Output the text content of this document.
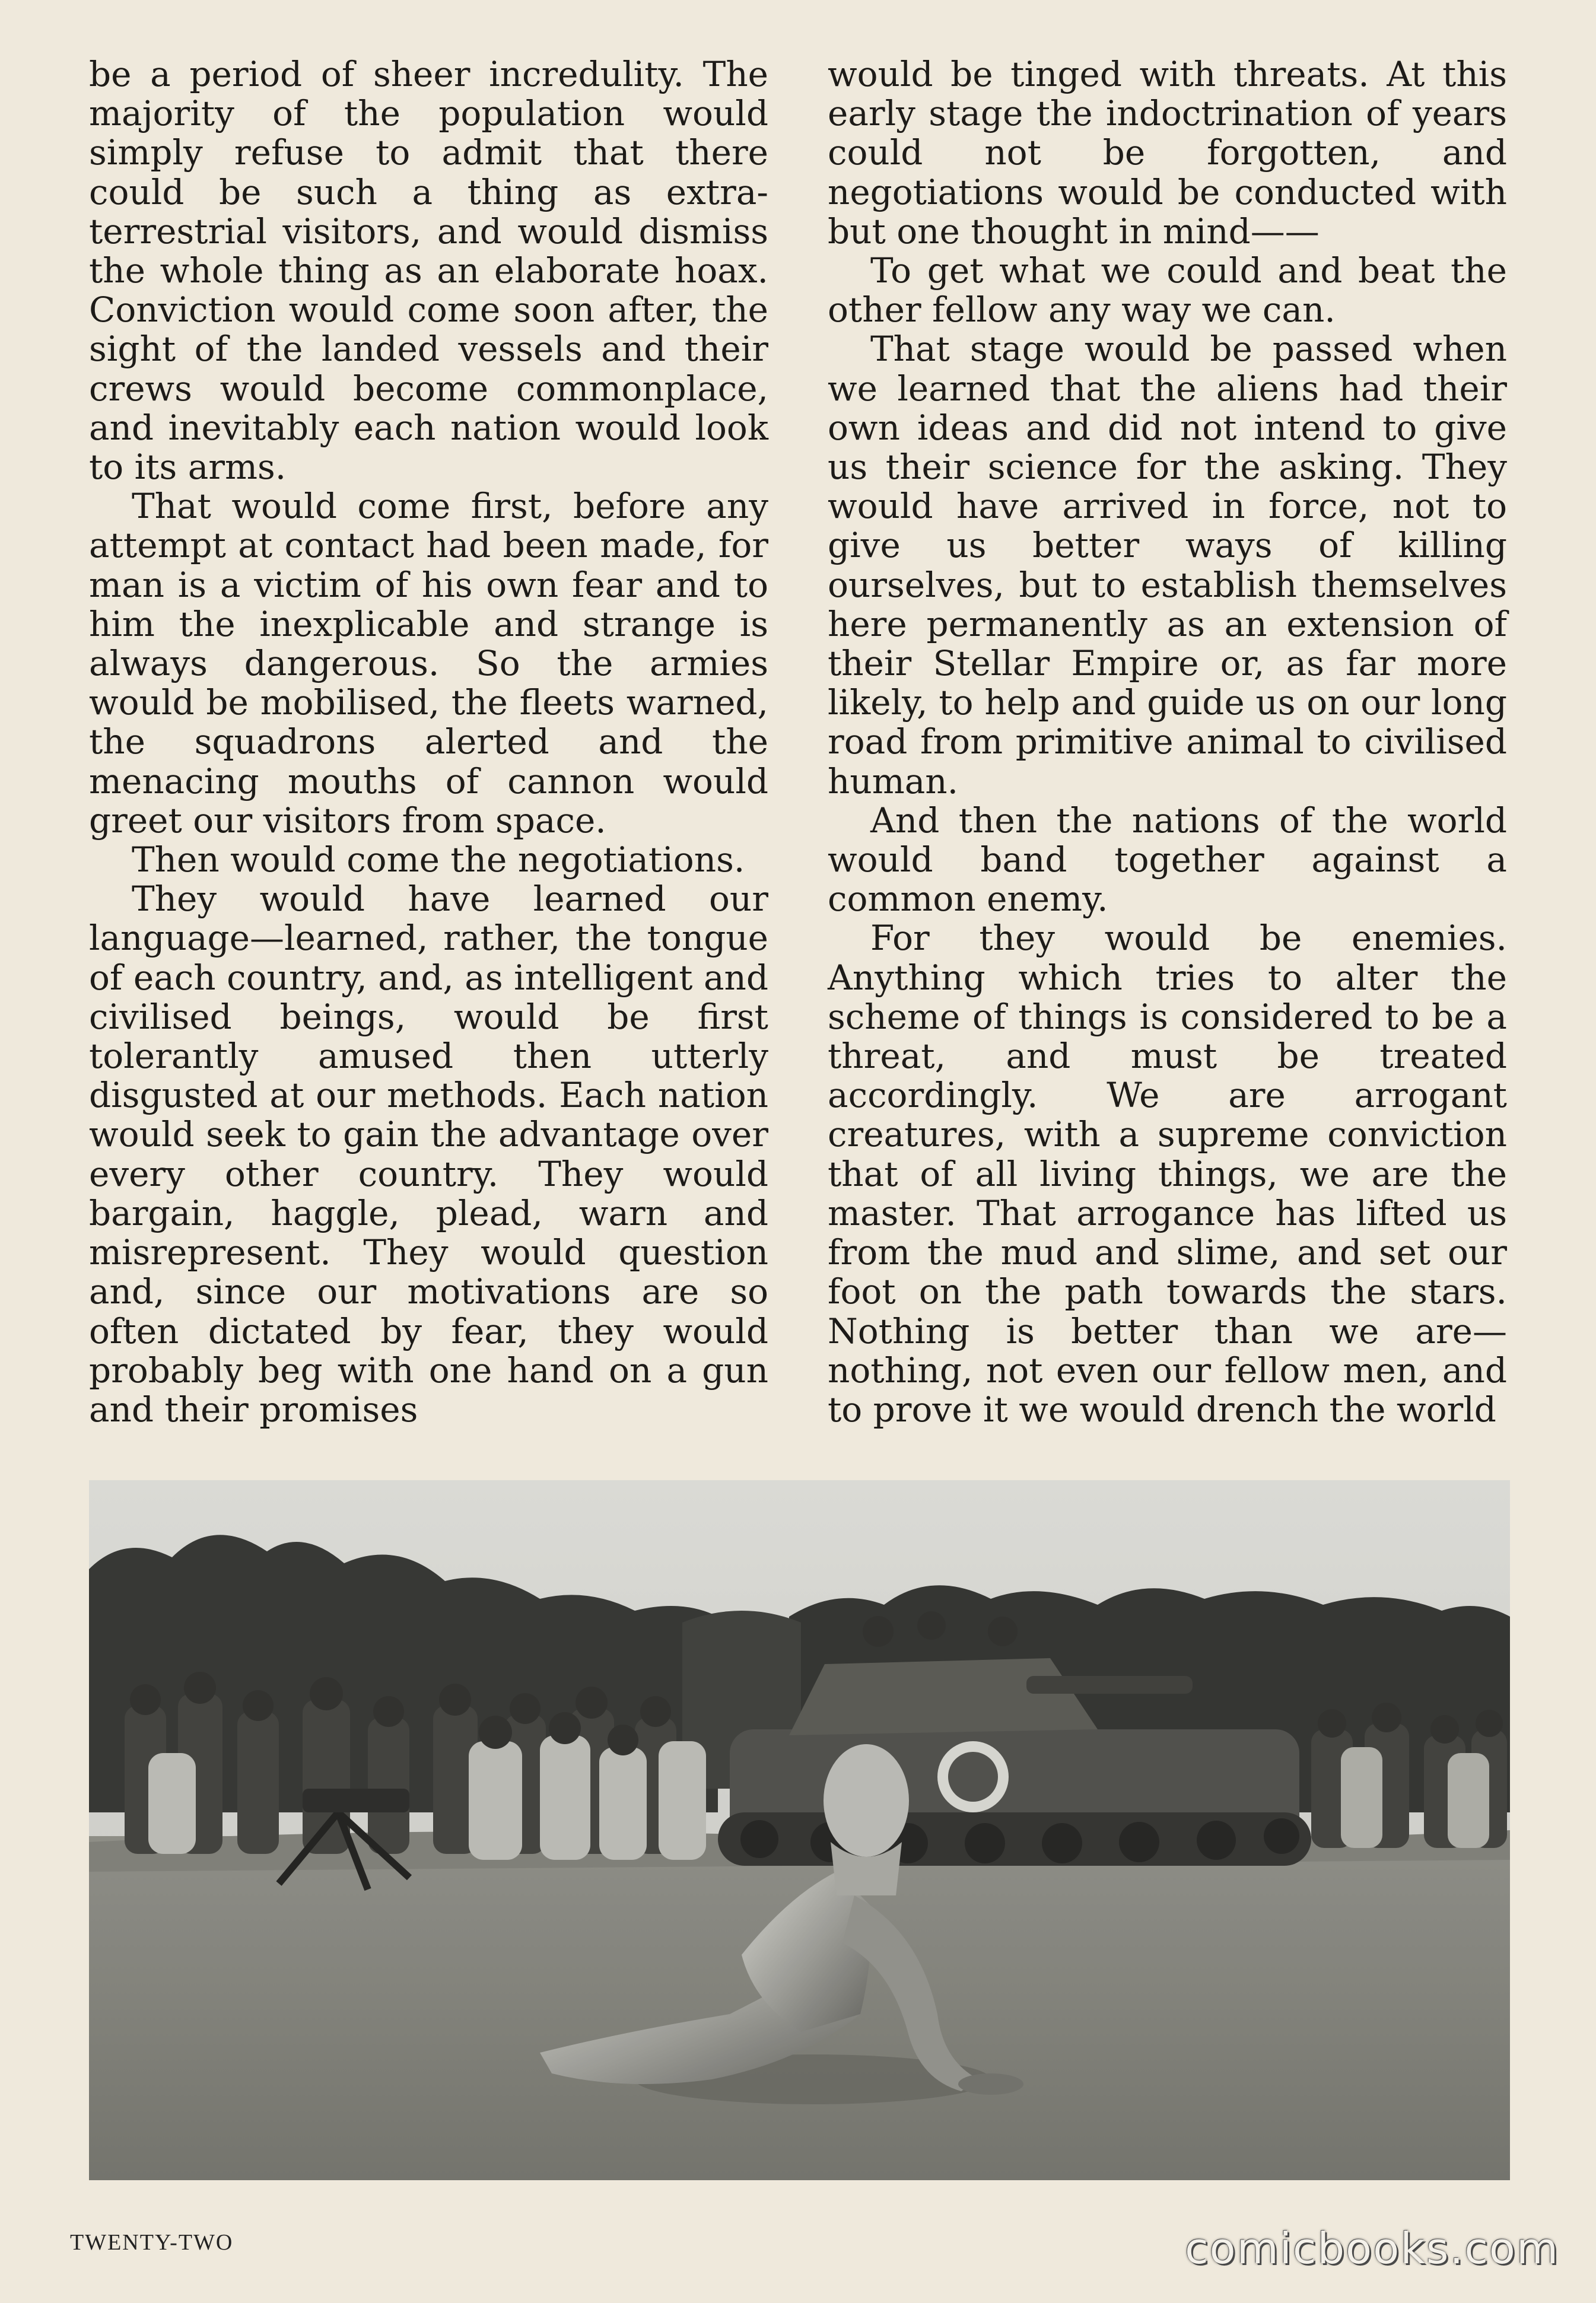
be a period of sheer incredulity. The majority of the population would simply refuse to admit that there could be such a thing as extra-terrestrial visitors, and would dismiss the whole thing as an elaborate hoax. Conviction would come soon after, the sight of the landed vessels and their crews would become commonplace, and inevitably each nation would look to its arms.

That would come first, before any attempt at contact had been made, for man is a victim of his own fear and to him the inexplicable and strange is always dangerous. So the armies would be mobilised, the fleets warned, the squadrons alerted and the menacing mouths of cannon would greet our visitors from space.

Then would come the negotiations.

They would have learned our language—learned, rather, the tongue of each country, and, as intelligent and civilised beings, would be first tolerantly amused then utterly disgusted at our methods. Each nation would seek to gain the advantage over every other country. They would bargain, haggle, plead, warn and misrepresent. They would question and, since our motivations are so often dictated by fear, they would probably beg with one hand on a gun and their promises

would be tinged with threats. At this early stage the indoctrination of years could not be forgotten, and negotiations would be conducted with but one thought in mind——

To get what we could and beat the other fellow any way we can.

That stage would be passed when we learned that the aliens had their own ideas and did not intend to give us their science for the asking. They would have arrived in force, not to give us better ways of killing ourselves, but to establish themselves here permanently as an extension of their Stellar Empire or, as far more likely, to help and guide us on our long road from primitive animal to civilised human.

And then the nations of the world would band together against a common enemy.

For they would be enemies. Anything which tries to alter the scheme of things is considered to be a threat, and must be treated accordingly. We are arrogant creatures, with a supreme conviction that of all living things, we are the master. That arrogance has lifted us from the mud and slime, and set our foot on the path towards the stars. Nothing is better than we are—nothing, not even our fellow men, and to prove it we would drench the world

TWENTY-TWO	comicbooks.com
